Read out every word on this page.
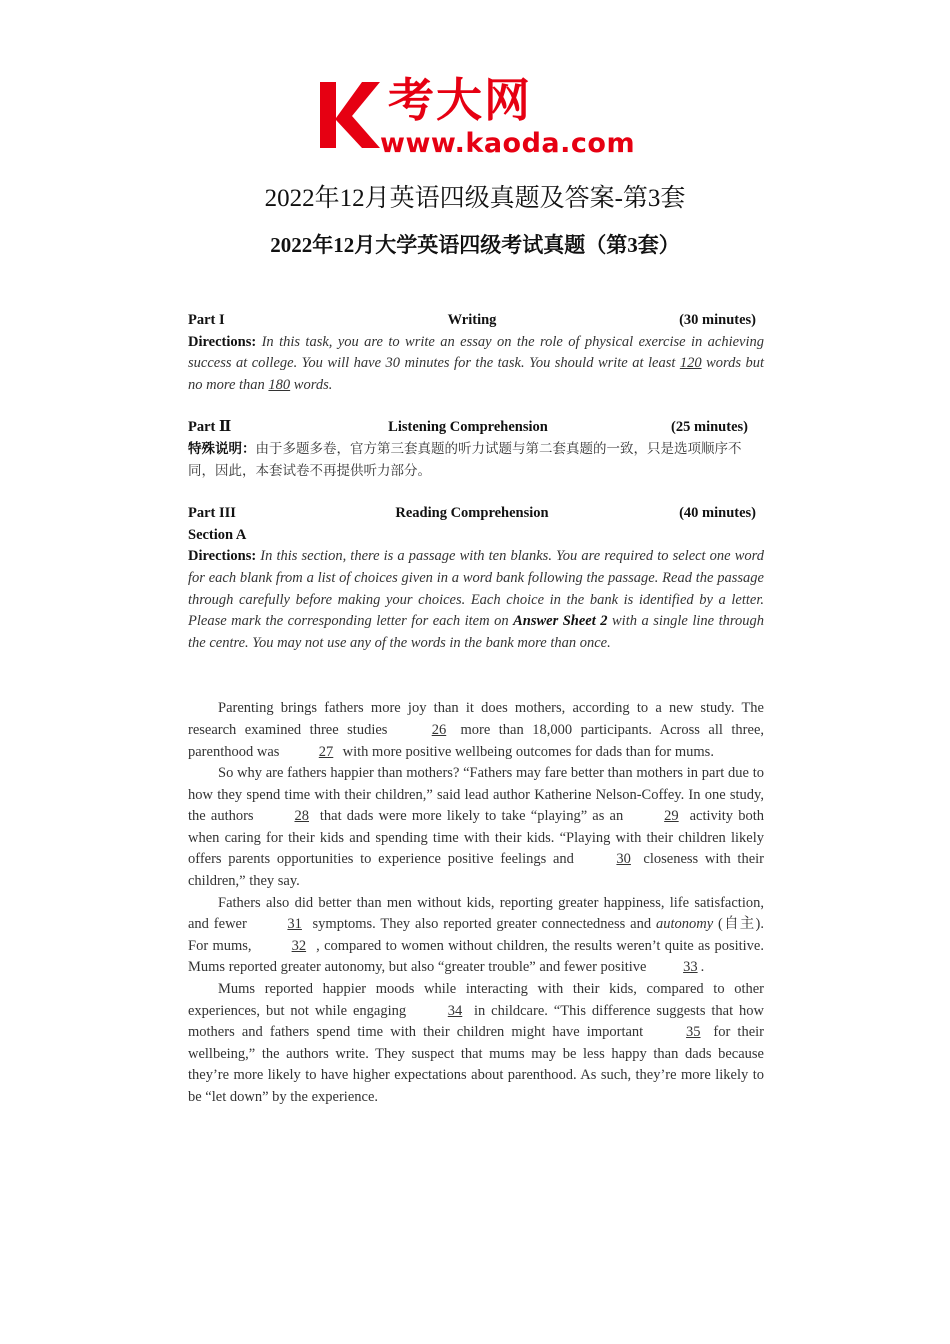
考大网
www.kaoda.com
2022年12月英语四级真题及答案-第3套
2022年12月大学英语四级考试真题（第3套）
Part I	Writing	(30 minutes)
Directions: In this task, you are to write an essay on the role of physical exercise in achieving success at college. You will have 30 minutes for the task. You should write at least 120 words but no more than 180 words.
Part Ⅱ	Listening Comprehension	(25 minutes)
特殊说明：由于多题多卷，官方第三套真题的听力试题与第二套真题的一致，只是选项顺序不同，因此，本套试卷不再提供听力部分。
Part III	Reading Comprehension	(40 minutes)
Section A
Directions: In this section, there is a passage with ten blanks. You are required to select one word for each blank from a list of choices given in a word bank following the passage. Read the passage through carefully before making your choices. Each choice in the bank is identified by a letter. Please mark the corresponding letter for each item on Answer Sheet 2 with a single line through the centre. You may not use any of the words in the bank more than once.

Parenting brings fathers more joy than it does mothers, according to a new study. The research examined three studies 26 more than 18,000 participants. Across all three, parenthood was 27 with more positive wellbeing outcomes for dads than for mums.

So why are fathers happier than mothers? “Fathers may fare better than mothers in part due to how they spend time with their children,” said lead author Katherine Nelson-Coffey. In one study, the authors 28 that dads were more likely to take “playing” as an 29 activity both when caring for their kids and spending time with their kids. “Playing with their children likely offers parents opportunities to experience positive feelings and 30 closeness with their children,” they say.

Fathers also did better than men without kids, reporting greater happiness, life satisfaction, and fewer 31 symptoms. They also reported greater connectedness and autonomy (自主). For mums, 32 , compared to women without children, the results weren’t quite as positive. Mums reported greater autonomy, but also “greater trouble” and fewer positive 33 .

Mums reported happier moods while interacting with their kids, compared to other experiences, but not while engaging 34 in childcare. “This difference suggests that how mothers and fathers spend time with their children might have important 35 for their wellbeing,” the authors write. They suspect that mums may be less happy than dads because they’re more likely to have higher expectations about parenthood. As such, they’re more likely to be “let down” by the experience.
